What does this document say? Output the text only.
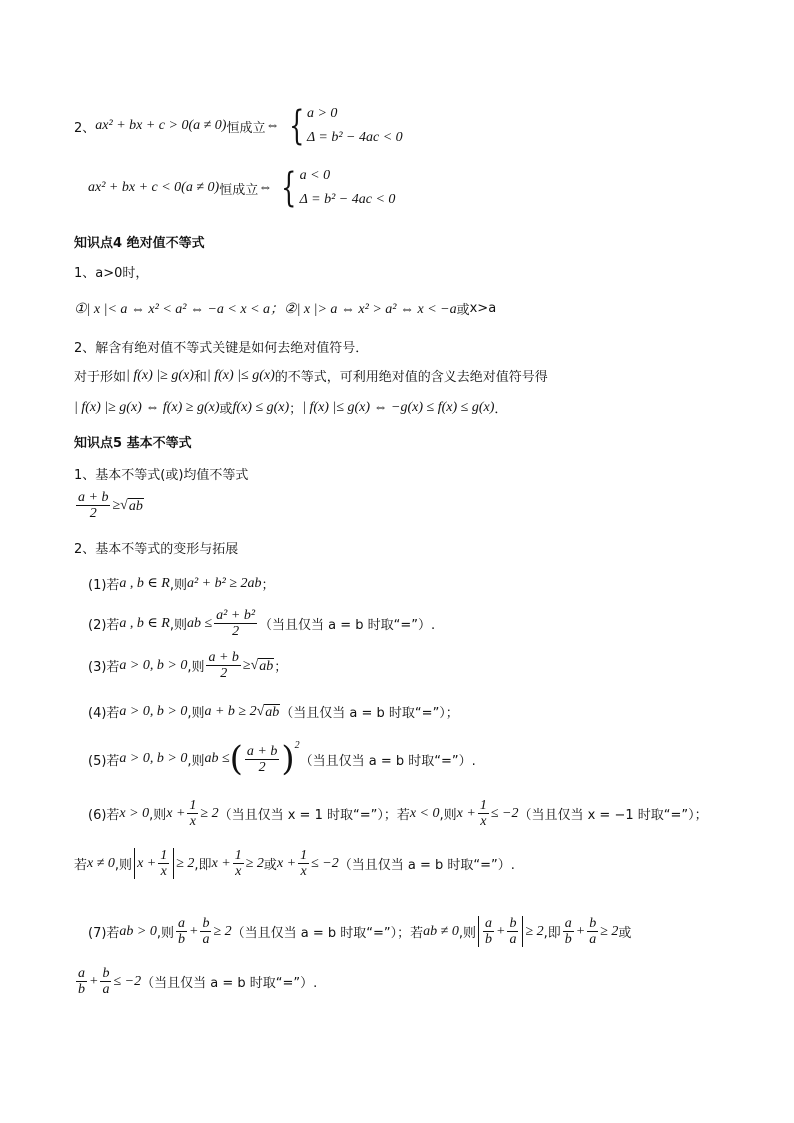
2、 ax² + bx + c > 0(a ≠ 0) 恒成立 ⇔ { a > 0
Δ = b² − 4ac < 0
ax² + bx + c < 0(a ≠ 0) 恒成立 ⇔ { a < 0
Δ = b² − 4ac < 0
知识点4 绝对值不等式
1、a>0时，
①| x |< a ⇔ x² < a² ⇔ −a < x < a；②| x |> a ⇔ x² > a² ⇔ x < −a 或 x>a
2、解含有绝对值不等式关键是如何去绝对值符号．
对于形如 | f(x) |≥ g(x) 和 | f(x) |≤ g(x) 的不等式，可利用绝对值的含义去绝对值符号得
| f(x) |≥ g(x) ⇔ f(x) ≥ g(x) 或 f(x) ≤ g(x) ； | f(x) |≤ g(x) ⇔ −g(x) ≤ f(x) ≤ g(x) ．
知识点5 基本不等式
1、基本不等式(或)均值不等式
$\frac{a + b}{2}$ ≥ √ ab
2、基本不等式的变形与拓展
(1)若 a , b ∈ R ,则 a² + b² ≥ 2ab ；
(2)若 a , b ∈ R ,则 ab ≤ $\frac{\text{a² + b²}}{2}$ （当且仅当 a = b 时取“=”）.
(3)若 a > 0, b > 0 ,则 $\frac{a + b}{2}$ ≥ √ ab ；
(4)若 a > 0, b > 0 ,则 a + b ≥ 2 √ ab （当且仅当 a = b 时取“=”）；
(5)若 a > 0, b > 0 ,则 ab ≤ ( $\frac{a + b}{2} )^2$
（当且仅当 a = b 时取“=”）.
(6)若 x > 0 ,则 $x + \frac{1}{x} \ge 2$ （当且仅当 x = 1 时取“=”）；若 x < 0 ,则 $x + \frac{1}{x} \le -2$ （当且仅当 x = −1 时取“=”）；
若 x ≠ 0 ,则 $x + \frac{1}{x} \ge 2$ ,即 $x + \frac{1}{x} \ge 2$ 或 $x + \frac{1}{x} \le -2$ （当且仅当 a = b 时取“=”）.
(7)若 ab > 0 ,则 $\frac{a}{b} + \frac{b}{a} \ge 2$ （当且仅当 a = b 时取“=”）；若 ab ≠ 0 ,则 $\frac{a}{b} + \frac{b}{a} \ge 2$ ,即 $\frac{a}{b} + \frac{b}{a} \ge 2$ 或
$\frac{a}{b} + \frac{b}{a} \le -2$ （当且仅当 a = b 时取“=”）.
